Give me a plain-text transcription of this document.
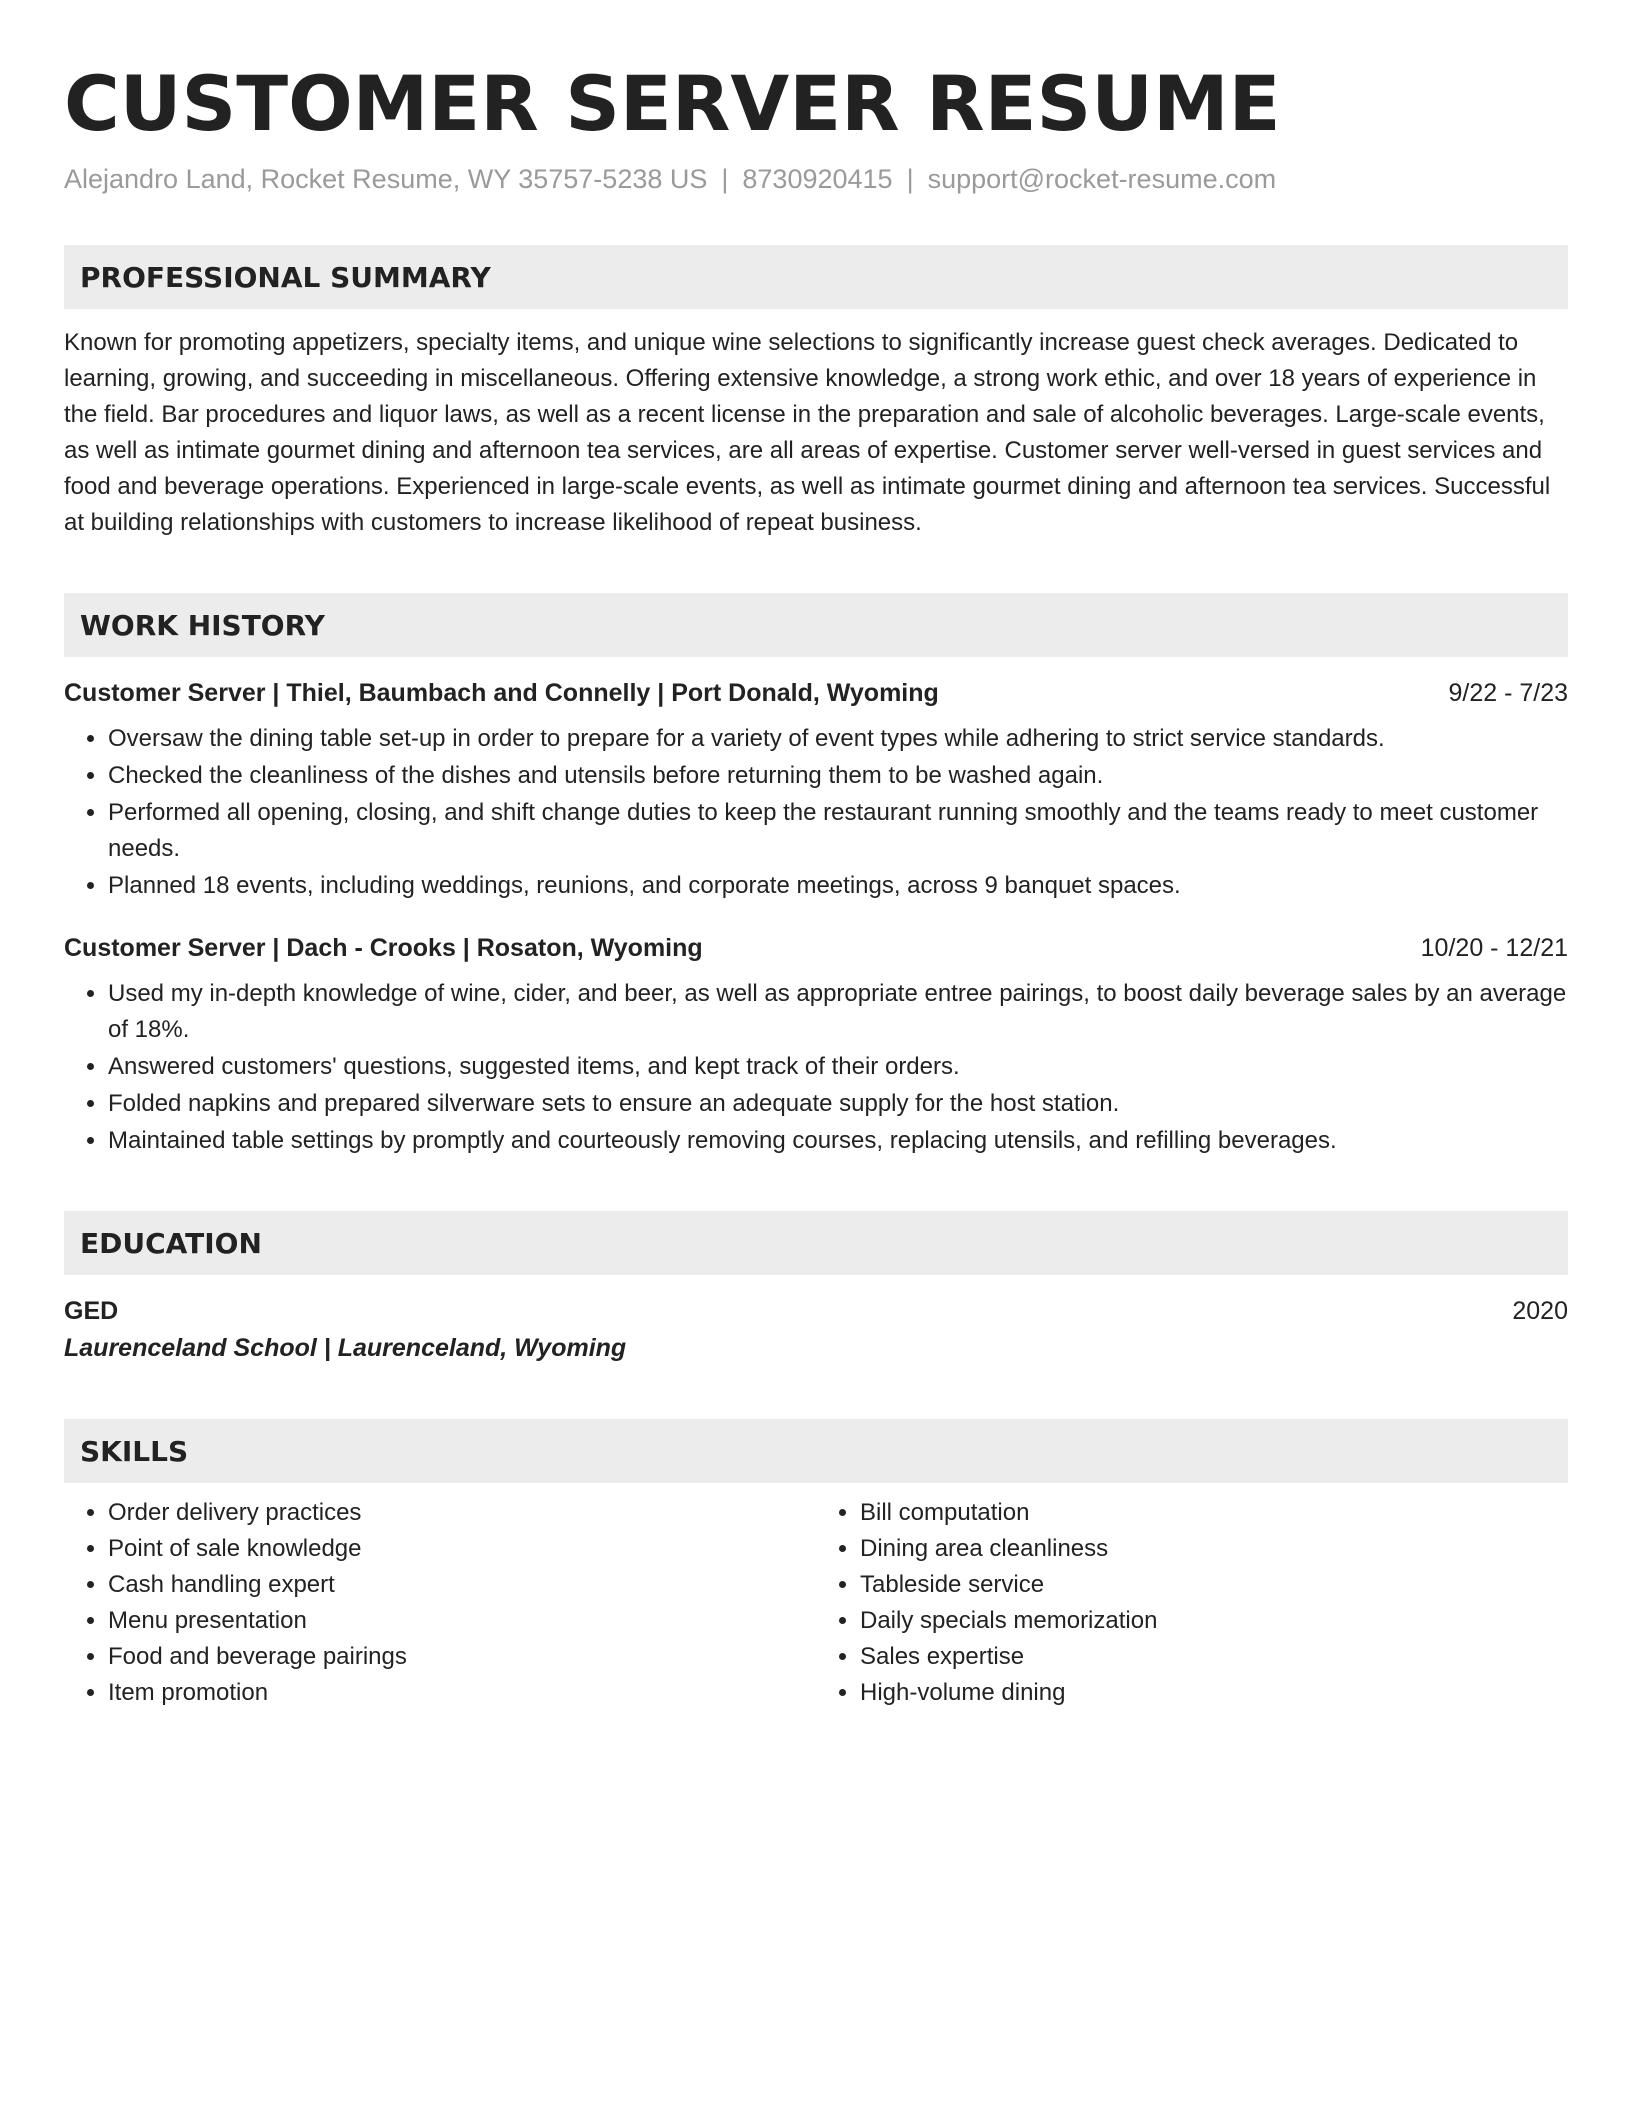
CUSTOMER SERVER RESUME
Alejandro Land, Rocket Resume, WY 35757-5238 US | 8730920415 | support@rocket-resume.com
PROFESSIONAL SUMMARY
Known for promoting appetizers, specialty items, and unique wine selections to significantly increase guest check averages. Dedicated to learning, growing, and succeeding in miscellaneous. Offering extensive knowledge, a strong work ethic, and over 18 years of experience in the field. Bar procedures and liquor laws, as well as a recent license in the preparation and sale of alcoholic beverages. Large-scale events, as well as intimate gourmet dining and afternoon tea services, are all areas of expertise. Customer server well-versed in guest services and food and beverage operations. Experienced in large-scale events, as well as intimate gourmet dining and afternoon tea services. Successful at building relationships with customers to increase likelihood of repeat business.
WORK HISTORY
Customer Server | Thiel, Baumbach and Connelly | Port Donald, Wyoming	9/22 - 7/23
• Oversaw the dining table set-up in order to prepare for a variety of event types while adhering to strict service standards.
• Checked the cleanliness of the dishes and utensils before returning them to be washed again.
• Performed all opening, closing, and shift change duties to keep the restaurant running smoothly and the teams ready to meet customer needs.
• Planned 18 events, including weddings, reunions, and corporate meetings, across 9 banquet spaces.
Customer Server | Dach - Crooks | Rosaton, Wyoming	10/20 - 12/21
• Used my in-depth knowledge of wine, cider, and beer, as well as appropriate entree pairings, to boost daily beverage sales by an average of 18%.
• Answered customers' questions, suggested items, and kept track of their orders.
• Folded napkins and prepared silverware sets to ensure an adequate supply for the host station.
• Maintained table settings by promptly and courteously removing courses, replacing utensils, and refilling beverages.
EDUCATION
GED	2020
Laurenceland School | Laurenceland, Wyoming
SKILLS
• Order delivery practices
• Point of sale knowledge
• Cash handling expert
• Menu presentation
• Food and beverage pairings
• Item promotion
• Bill computation
• Dining area cleanliness
• Tableside service
• Daily specials memorization
• Sales expertise
• High-volume dining
